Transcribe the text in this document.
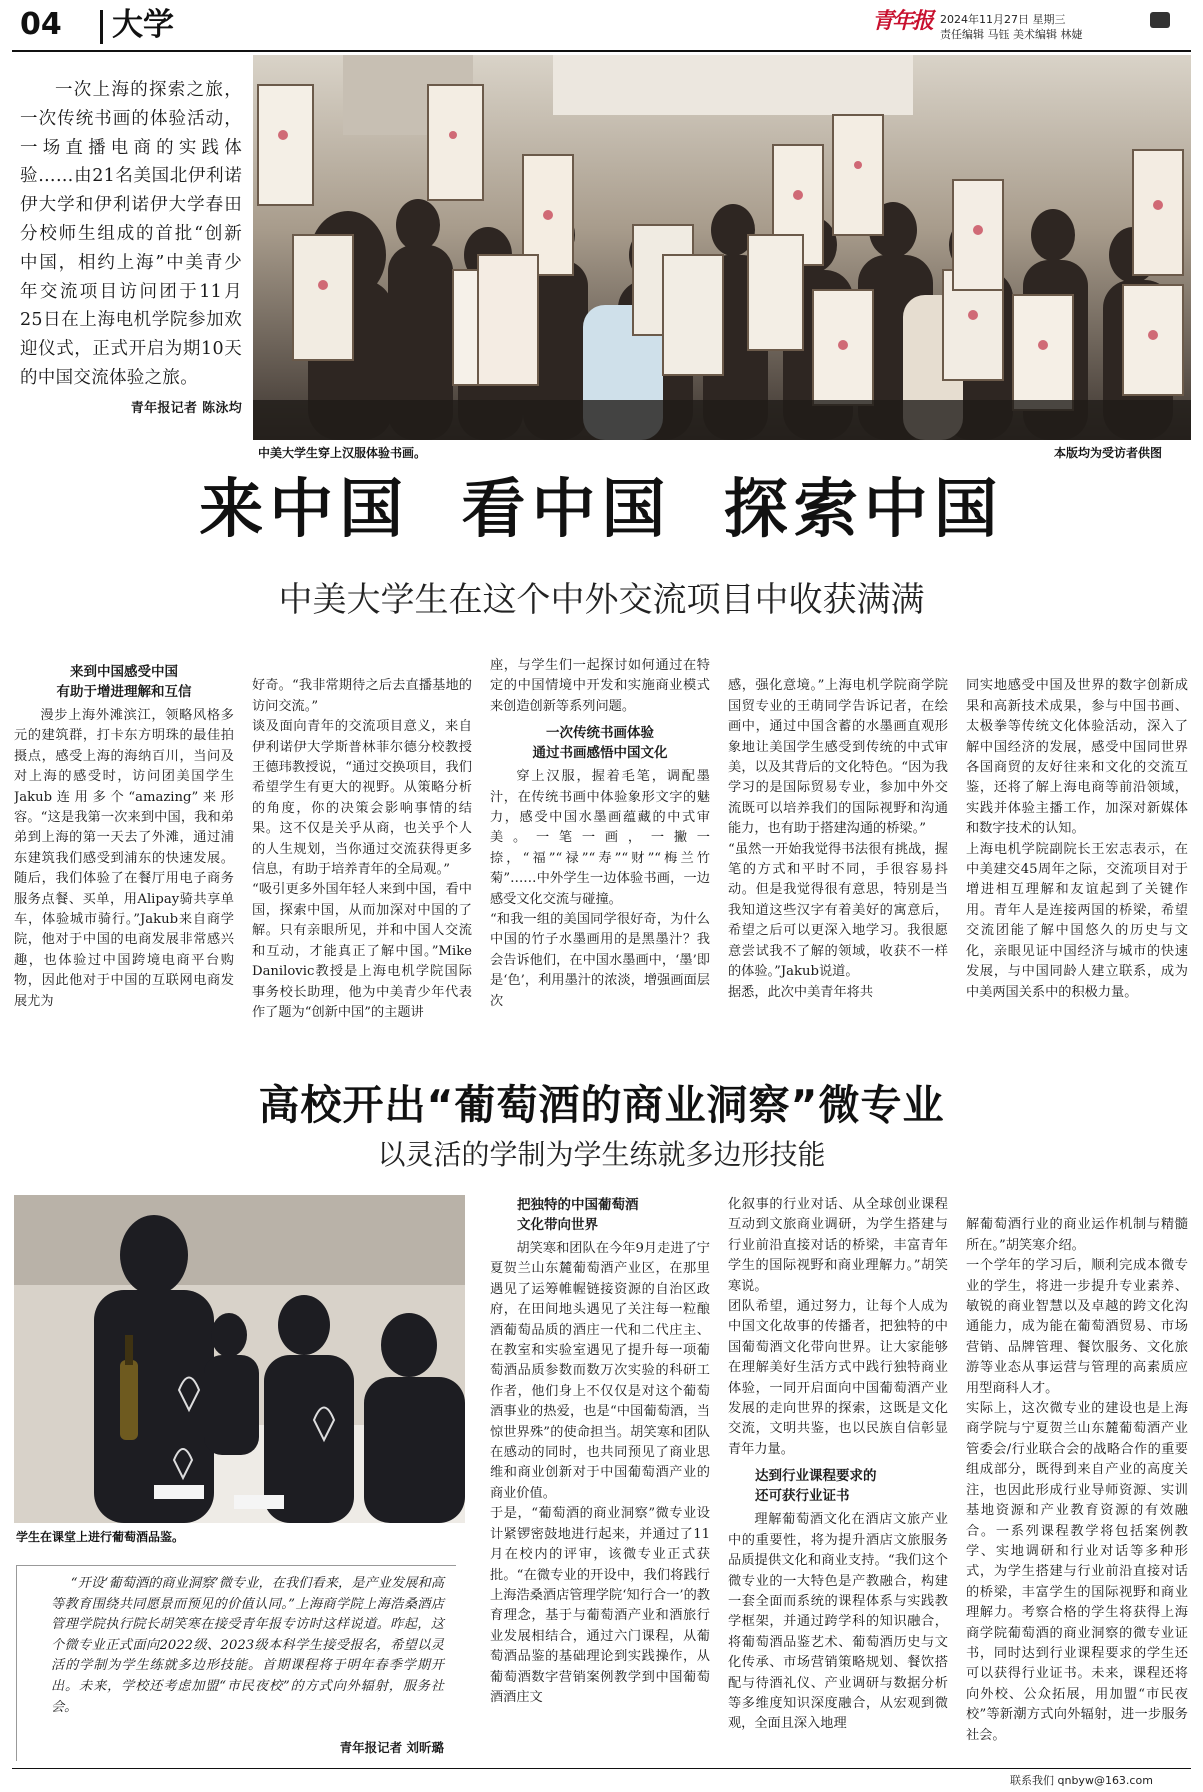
04 大学	青年报 2024年11月27日 星期三
责任编辑 马钰 美术编辑 林婕

一次上海的探索之旅，一次传统书画的体验活动，一场直播电商的实践体验……由21名美国北伊利诺伊大学和伊利诺伊大学春田分校师生组成的首批“创新中国，相约上海”中美青少年交流项目访问团于11月25日在上海电机学院参加欢迎仪式，正式开启为期10天的中国交流体验之旅。
青年报记者 陈泳均

中美大学生穿上汉服体验书画。	本版均为受访者供图
来中国 看中国 探索中国
中美大学生在这个中外交流项目中收获满满
来到中国感受中国
有助于增进理解和互信

漫步上海外滩滨江，领略风格多元的建筑群，打卡东方明珠的最佳拍摄点，感受上海的海纳百川，当问及对上海的感受时，访问团美国学生Jakub连用多个“amazing”来形容。“这是我第一次来到中国，我和弟弟到上海的第一天去了外滩，通过浦东建筑我们感受到浦东的快速发展。随后，我们体验了在餐厅用电子商务服务点餐、买单，用Alipay骑共享单车，体验城市骑行。”Jakub来自商学院，他对于中国的电商发展非常感兴趣，也体验过中国跨境电商平台购物，因此他对于中国的互联网电商发展尤为

好奇。“我非常期待之后去直播基地的访问交流。”
谈及面向青年的交流项目意义，来自伊利诺伊大学斯普林菲尔德分校教授王德玮教授说，“通过交换项目，我们希望学生有更大的视野。从策略分析的角度，你的决策会影响事情的结果。这不仅是关乎从商，也关乎个人的人生规划，当你通过交流获得更多信息，有助于培养青年的全局观。”
“吸引更多外国年轻人来到中国，看中国，探索中国，从而加深对中国的了解。只有亲眼所见，并和中国人交流和互动，才能真正了解中国。”Mike Danilovic教授是上海电机学院国际事务校长助理，他为中美青少年代表作了题为“创新中国”的主题讲

座，与学生们一起探讨如何通过在特定的中国情境中开发和实施商业模式来创造创新等系列问题。
一次传统书画体验
通过书画感悟中国文化
穿上汉服，握着毛笔，调配墨汁，在传统书画中体验象形文字的魅力，感受中国水墨画蕴藏的中式审美。一笔一画，一撇一捺，“福”“禄”“寿”“财”“梅兰竹菊”……中外学生一边体验书画，一边感受文化交流与碰撞。
“和我一组的美国同学很好奇，为什么中国的竹子水墨画用的是黑墨汁？我会告诉他们，在中国水墨画中，‘墨’即是‘色’，利用墨汁的浓淡，增强画面层次

感，强化意境。”上海电机学院商学院国贸专业的王萌同学告诉记者，在绘画中，通过中国含蓄的水墨画直观形象地让美国学生感受到传统的中式审美，以及其背后的文化特色。“因为我学习的是国际贸易专业，参加中外交流既可以培养我们的国际视野和沟通能力，也有助于搭建沟通的桥梁。”
“虽然一开始我觉得书法很有挑战，握笔的方式和平时不同，手很容易抖动。但是我觉得很有意思，特别是当我知道这些汉字有着美好的寓意后，希望之后可以更深入地学习。我很愿意尝试我不了解的领域，收获不一样的体验。”Jakub说道。
据悉，此次中美青年将共

同实地感受中国及世界的数字创新成果和高新技术成果，参与中国书画、太极拳等传统文化体验活动，深入了解中国经济的发展，感受中国同世界各国商贸的友好往来和文化的交流互鉴，还将了解上海电商等前沿领域，实践并体验主播工作，加深对新媒体和数字技术的认知。
上海电机学院副院长王宏志表示，在中美建交45周年之际，交流项目对于增进相互理解和友谊起到了关键作用。青年人是连接两国的桥梁，希望交流团能了解中国悠久的历史与文化，亲眼见证中国经济与城市的快速发展，与中国同龄人建立联系，成为中美两国关系中的积极力量。

高校开出“葡萄酒的商业洞察”微专业
以灵活的学制为学生练就多边形技能
学生在课堂上进行葡萄酒品鉴。
“开设‘葡萄酒的商业洞察’微专业，在我们看来，是产业发展和高等教育围绕共同愿景而预见的价值认同。”上海商学院上海浩桑酒店管理学院执行院长胡笑寒在接受青年报专访时这样说道。昨起，这个微专业正式面向2022级、2023级本科学生接受报名，希望以灵活的学制为学生练就多边形技能。首期课程将于明年春季学期开出。未来，学校还考虑加盟“市民夜校”的方式向外辐射，服务社会。
青年报记者 刘昕璐
把独特的中国葡萄酒
文化带向世界
胡笑寒和团队在今年9月走进了宁夏贺兰山东麓葡萄酒产业区，在那里遇见了运筹帷幄链接资源的自治区政府，在田间地头遇见了关注每一粒酿酒葡萄品质的酒庄一代和二代庄主、在教室和实验室遇见了提升每一项葡萄酒品质参数而数万次实验的科研工作者，他们身上不仅仅是对这个葡萄酒事业的热爱，也是“中国葡萄酒，当惊世界殊”的使命担当。胡笑寒和团队在感动的同时，也共同预见了商业思维和商业创新对于中国葡萄酒产业的商业价值。
于是，“葡萄酒的商业洞察”微专业设计紧锣密鼓地进行起来，并通过了11月在校内的评审，该微专业正式获批。“在微专业的开设中，我们将践行上海浩桑酒店管理学院‘知行合一’的教育理念，基于与葡萄酒产业和酒旅行业发展相结合，通过六门课程，从葡萄酒品鉴的基础理论到实践操作，从葡萄酒数字营销案例教学到中国葡萄酒酒庄文
化叙事的行业对话、从全球创业课程互动到文旅商业调研，为学生搭建与行业前沿直接对话的桥梁，丰富青年学生的国际视野和商业理解力。”胡笑寒说。
团队希望，通过努力，让每个人成为中国文化故事的传播者，把独特的中国葡萄酒文化带向世界。让大家能够在理解美好生活方式中践行独特商业体验，一同开启面向中国葡萄酒产业发展的走向世界的探索，这既是文化交流，文明共鉴，也以民族自信彰显青年力量。
达到行业课程要求的
还可获行业证书
理解葡萄酒文化在酒店文旅产业中的重要性，将为提升酒店文旅服务品质提供文化和商业支持。“我们这个微专业的一大特色是产教融合，构建一套全面而系统的课程体系与实践教学框架，并通过跨学科的知识融合，将葡萄酒品鉴艺术、葡萄酒历史与文化传承、市场营销策略规划、餐饮搭配与待酒礼仪、产业调研与数据分析等多维度知识深度融合，从宏观到微观，全面且深入地理

解葡萄酒行业的商业运作机制与精髓所在。”胡笑寒介绍。
一个学年的学习后，顺利完成本微专业的学生，将进一步提升专业素养、敏锐的商业智慧以及卓越的跨文化沟通能力，成为能在葡萄酒贸易、市场营销、品牌管理、餐饮服务、文化旅游等业态从事运营与管理的高素质应用型商科人才。
实际上，这次微专业的建设也是上海商学院与宁夏贺兰山东麓葡萄酒产业管委会/行业联合会的战略合作的重要组成部分，既得到来自产业的高度关注，也因此形成行业导师资源、实训基地资源和产业教育资源的有效融合。一系列课程教学将包括案例教学、实地调研和行业对话等多种形式，为学生搭建与行业前沿直接对话的桥梁，丰富学生的国际视野和商业理解力。考察合格的学生将获得上海商学院葡萄酒的商业洞察的微专业证书，同时达到行业课程要求的学生还可以获得行业证书。未来，课程还将向外校、公众拓展，用加盟“市民夜校”等新潮方式向外辐射，进一步服务社会。

联系我们 qnbyw@163.com
